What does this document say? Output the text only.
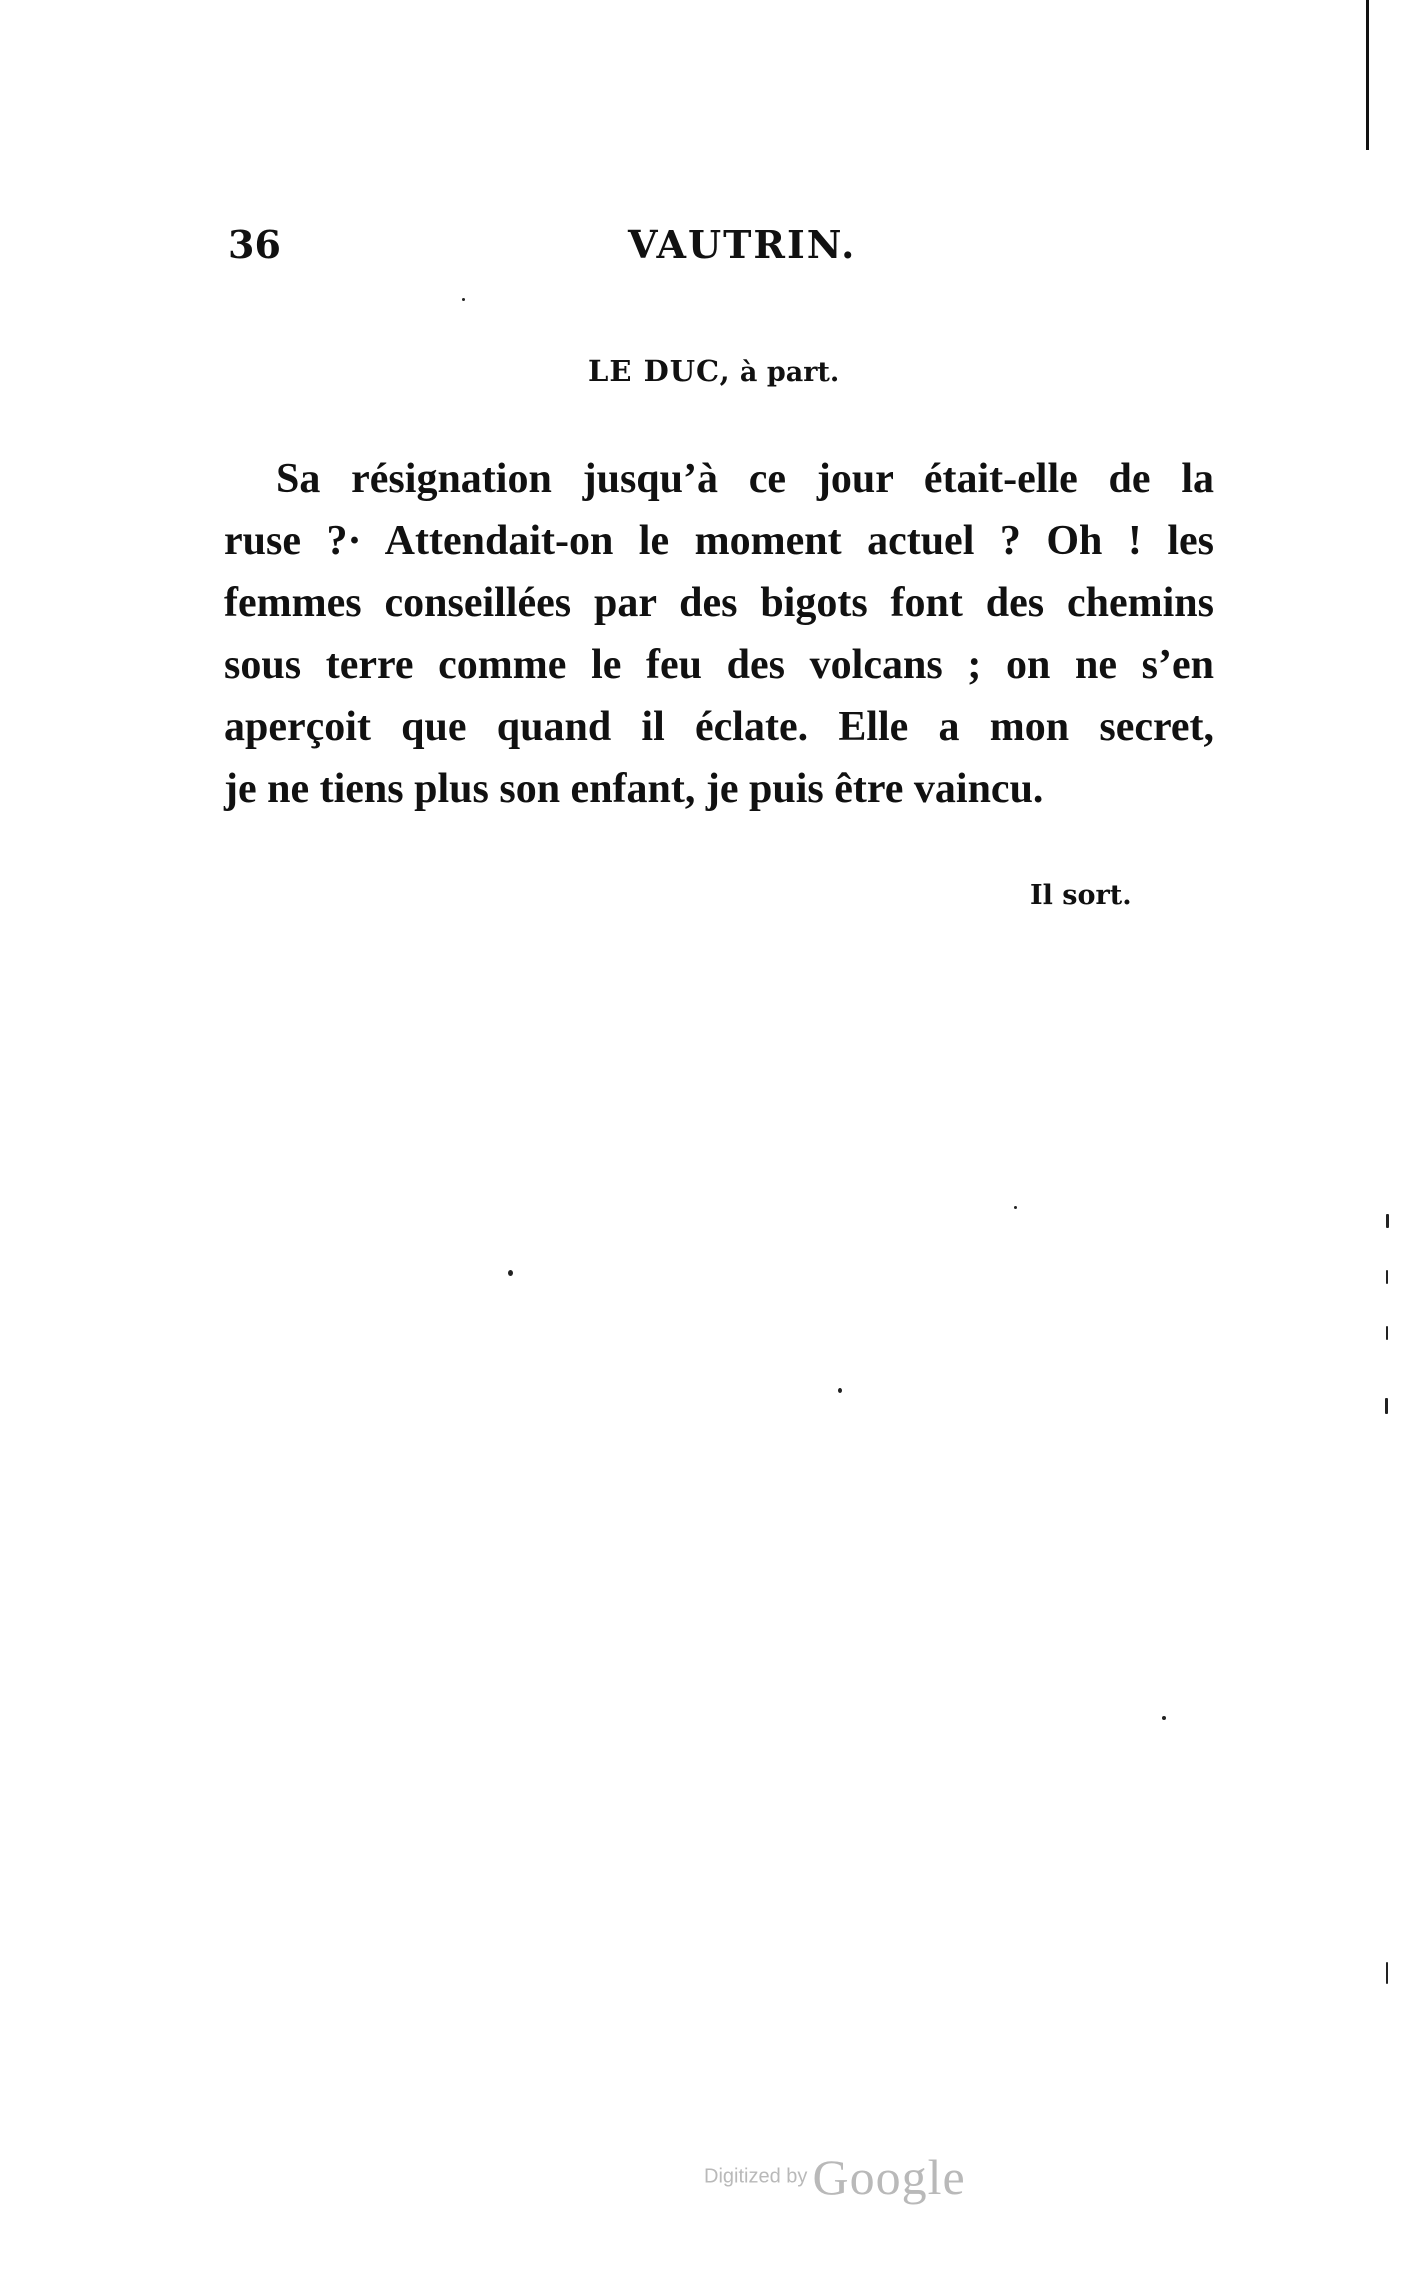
36	VAUTRIN.
LE DUC, à part.
Sa résignation jusqu’à ce jour était-elle de la
ruse ?· Attendait-on le moment actuel ? Oh ! les
femmes conseillées par des bigots font des chemins
sous terre comme le feu des volcans ; on ne s’en
aperçoit que quand il éclate. Elle a mon secret,
je ne tiens plus son enfant, je puis être vaincu.
Il sort.
Digitized by Google
